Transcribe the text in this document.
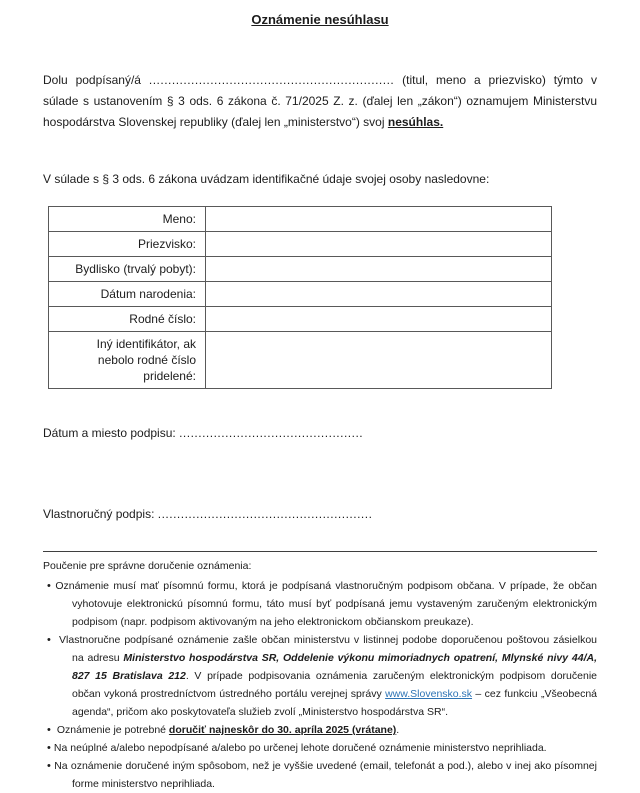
Oznámenie nesúhlasu

Dolu podpísaný/á ................................................................ (titul, meno a priezvisko) týmto v súlade s ustanovením § 3 ods. 6 zákona č. 71/2025 Z. z. (ďalej len „zákon“) oznamujem Ministerstvu hospodárstva Slovenskej republiky (ďalej len „ministerstvo“) svoj nesúhlas.

V súlade s § 3 ods. 6 zákona uvádzam identifikačné údaje svojej osoby nasledovne:

Meno:	
Priezvisko:	
Bydlisko (trvalý pobyt):	
Dátum narodenia:	
Rodné číslo:	
Iný identifikátor, ak nebolo rodné číslo pridelené:	

Dátum a miesto podpisu: ................................................

Vlastnoručný podpis: ........................................................

Poučenie pre správne doručenie oznámenia:

• Oznámenie musí mať písomnú formu, ktorá je podpísaná vlastnoručným podpisom občana. V prípade, že občan vyhotovuje elektronickú písomnú formu, táto musí byť podpísaná jemu vystaveným zaručeným elektronickým podpisom (napr. podpisom aktivovaným na jeho elektronickom občianskom preukaze).

• Vlastnoručne podpísané oznámenie zašle občan ministerstvu v listinnej podobe doporučenou poštovou zásielkou na adresu Ministerstvo hospodárstva SR, Oddelenie výkonu mimoriadnych opatrení, Mlynské nivy 44/A, 827 15 Bratislava 212. V prípade podpisovania oznámenia zaručeným elektronickým podpisom doručenie občan vykoná prostredníctvom ústredného portálu verejnej správy www.Slovensko.sk – cez funkciu „Všeobecná agenda“, pričom ako poskytovateľa služieb zvolí „Ministerstvo hospodárstva SR“.

• Oznámenie je potrebné doručiť najneskôr do 30. apríla 2025 (vrátane).

• Na neúplné a/alebo nepodpísané a/alebo po určenej lehote doručené oznámenie ministerstvo neprihliada.

• Na oznámenie doručené iným spôsobom, než je vyššie uvedené (email, telefonát a pod.), alebo v inej ako písomnej forme ministerstvo neprihliada.
